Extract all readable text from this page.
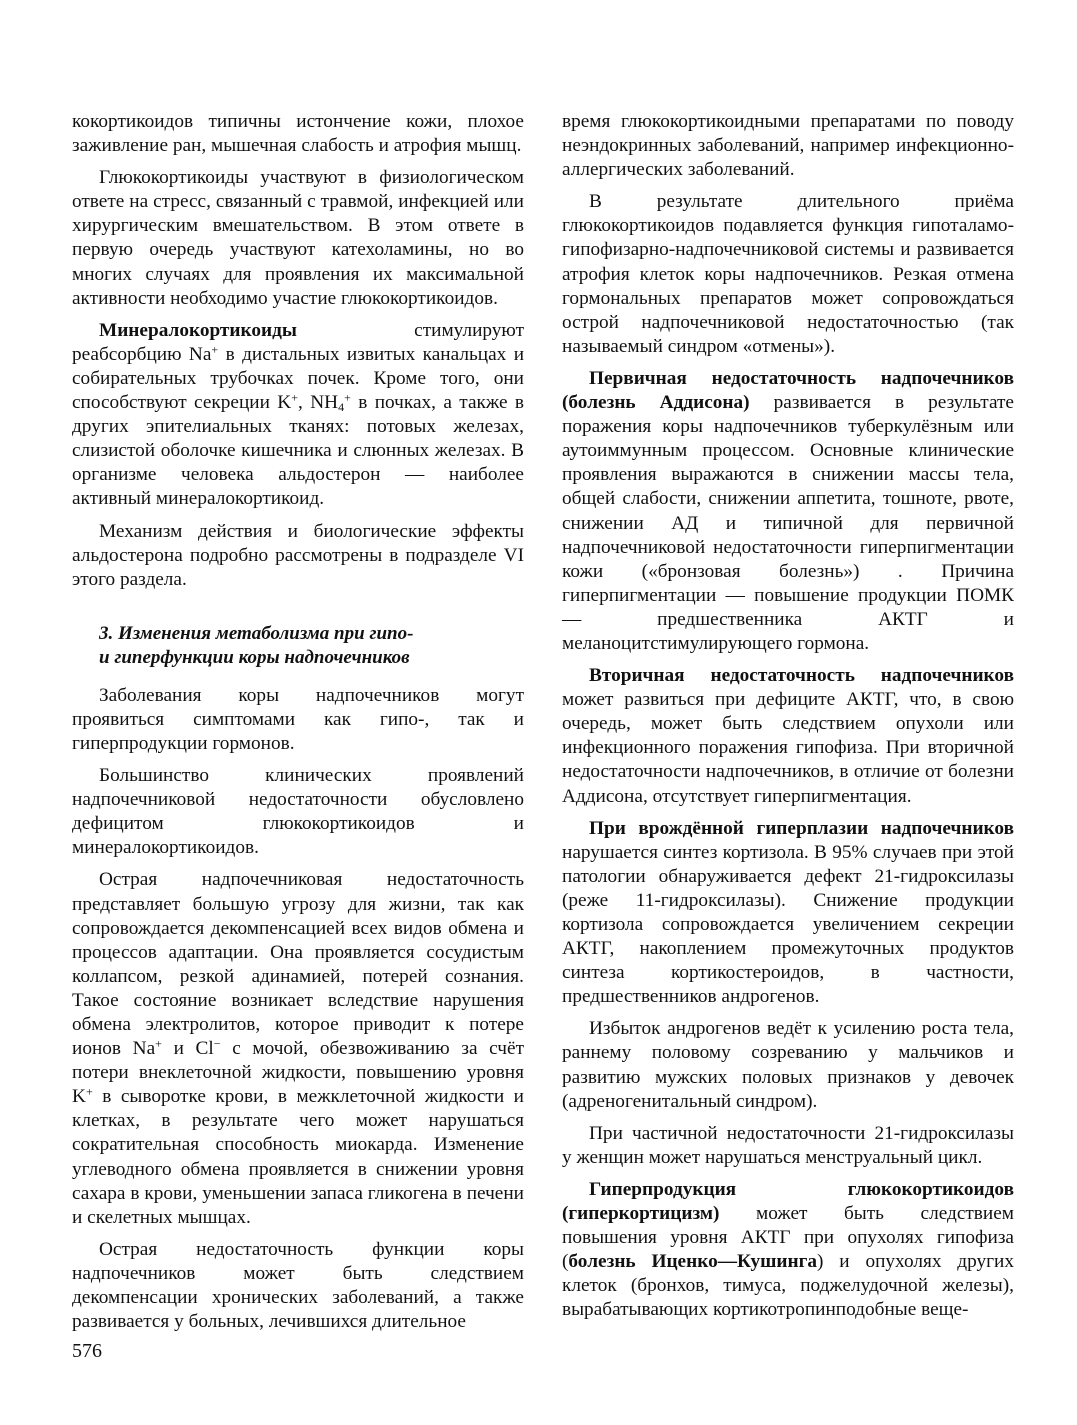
кокортикоидов типичны истончение кожи, плохое заживление ран, мышечная слабость и атрофия мышц.

Глюкокортикоиды участвуют в физиологическом ответе на стресс, связанный с травмой, инфекцией или хирургическим вмешательством. В этом ответе в первую очередь участвуют катехоламины, но во многих случаях для проявления их максимальной активности необходимо участие глюкокортикоидов.

Минералокортикоиды стимулируют реабсорбцию Na+ в дистальных извитых канальцах и собирательных трубочках почек. Кроме того, они способствуют секреции K+, $NH_4^+$ в почках, а также в других эпителиальных тканях: потовых железах, слизистой оболочке кишечника и слюнных железах. В организме человека альдостерон — наиболее активный минералокортикоид.

Механизм действия и биологические эффекты альдостерона подробно рассмотрены в подразделе VI этого раздела.

3. Изменения метаболизма при гипо-
и гиперфункции коры надпочечников

Заболевания коры надпочечников могут проявиться симптомами как гипо-, так и гиперпродукции гормонов.

Большинство клинических проявлений надпочечниковой недостаточности обусловлено дефицитом глюкокортикоидов и минералокортикоидов.

Острая надпочечниковая недостаточность представляет большую угрозу для жизни, так как сопровождается декомпенсацией всех видов обмена и процессов адаптации. Она проявляется сосудистым коллапсом, резкой адинамией, потерей сознания. Такое состояние возникает вследствие нарушения обмена электролитов, которое приводит к потере ионов Na+ и Cl− с мочой, обезвоживанию за счёт потери внеклеточной жидкости, повышению уровня K+ в сыворотке крови, в межклеточной жидкости и клетках, в результате чего может нарушаться сократительная способность миокарда. Изменение углеводного обмена проявляется в снижении уровня сахара в крови, уменьшении запаса гликогена в печени и скелетных мышцах.

Острая недостаточность функции коры надпочечников может быть следствием декомпенсации хронических заболеваний, а также развивается у больных, лечившихся длительное

время глюкокортикоидными препаратами по поводу неэндокринных заболеваний, например инфекционно-аллергических заболеваний.

В результате длительного приёма глюкокортикоидов подавляется функция гипоталамо-гипофизарно-надпочечниковой системы и развивается атрофия клеток коры надпочечников. Резкая отмена гормональных препаратов может сопровождаться острой надпочечниковой недостаточностью (так называемый синдром «отмены»).

Первичная недостаточность надпочечников (болезнь Аддисона) развивается в результате поражения коры надпочечников туберкулёзным или аутоиммунным процессом. Основные клинические проявления выражаются в снижении массы тела, общей слабости, снижении аппетита, тошноте, рвоте, снижении АД и типичной для первичной надпочечниковой недостаточности гиперпигментации кожи («бронзовая болезнь») . Причина гиперпигментации — повышение продукции ПОМК — предшественника АКТГ и меланоцитстимулирующего гормона.

Вторичная недостаточность надпочечников может развиться при дефиците АКТГ, что, в свою очередь, может быть следствием опухоли или инфекционного поражения гипофиза. При вторичной недостаточности надпочечников, в отличие от болезни Аддисона, отсутствует гиперпигментация.

При врождённой гиперплазии надпочечников нарушается синтез кортизола. В 95% случаев при этой патологии обнаруживается дефект 21-гидроксилазы (реже 11-гидроксилазы). Снижение продукции кортизола сопровождается увеличением секреции АКТГ, накоплением промежуточных продуктов синтеза кортикостероидов, в частности, предшественников андрогенов.

Избыток андрогенов ведёт к усилению роста тела, раннему половому созреванию у мальчиков и развитию мужских половых признаков у девочек (адреногенитальный синдром).

При частичной недостаточности 21-гидроксилазы у женщин может нарушаться менструальный цикл.

Гиперпродукция глюкокортикоидов (гиперкортицизм) может быть следствием повышения уровня АКТГ при опухолях гипофиза (болезнь Иценко—Кушинга) и опухолях других клеток (бронхов, тимуса, поджелудочной железы), вырабатывающих кортикотропинподобные веще-

576
